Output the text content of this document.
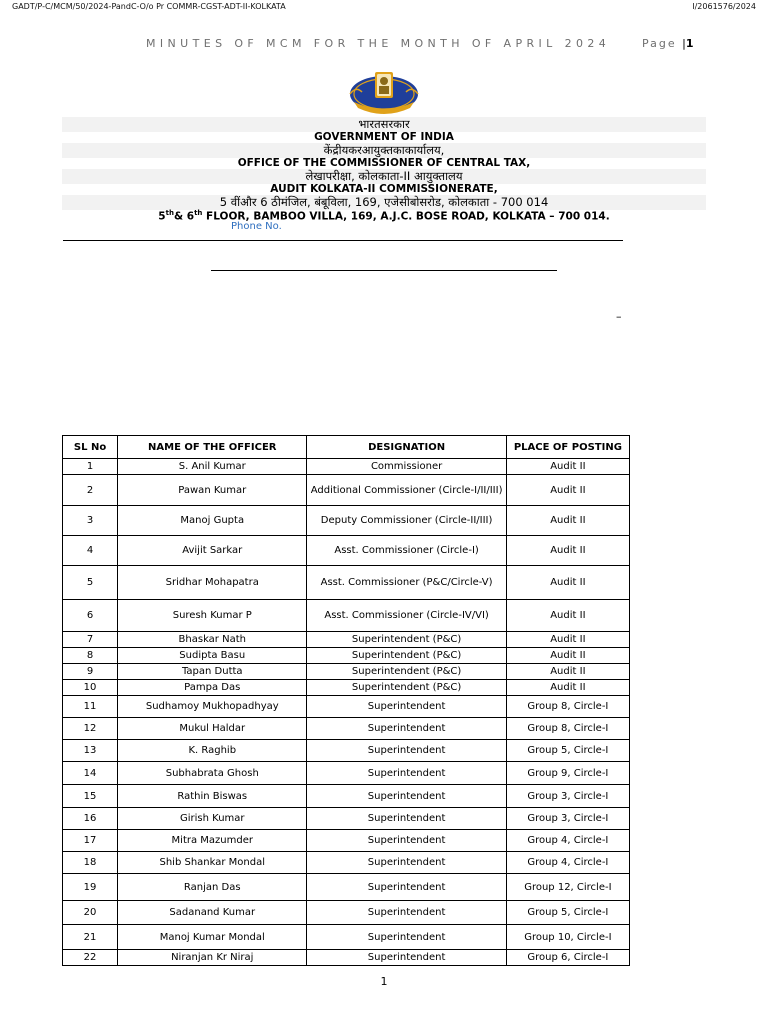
GADT/P-C/MCM/50/2024-PandC-O/o Pr COMMR-CGST-ADT-II-KOLKATA	I/2061576/2024
MINUTES OF MCM FOR THE MONTH OF APRIL 2024	Page |1
भारतसरकार
GOVERNMENT OF INDIA
केंद्रीयकरआयुक्तकाकार्यालय,
OFFICE OF THE COMMISSIONER OF CENTRAL TAX,
लेखापरीक्षा, कोलकाता-II आयुक्तालय
AUDIT KOLKATA-II COMMISSIONERATE,
5 वींऔर 6 ठीमंजिल, बंबूविला, 169, एजेसीबोसरोड, कोलकाता - 700 014
5th& 6th FLOOR, BAMBOO VILLA, 169, A.J.C. BOSE ROAD, KOLKATA – 700 014.
Phone No.
–
SL No	NAME OF THE OFFICER	DESIGNATION	PLACE OF POSTING
1	S. Anil Kumar	Commissioner	Audit II
2	Pawan Kumar	Additional Commissioner (Circle-I/II/III)	Audit II
3	Manoj Gupta	Deputy Commissioner (Circle-II/III)	Audit II
4	Avijit Sarkar	Asst. Commissioner (Circle-I)	Audit II
5	Sridhar Mohapatra	Asst. Commissioner (P&C/Circle-V)	Audit II
6	Suresh Kumar P	Asst. Commissioner (Circle-IV/VI)	Audit II
7	Bhaskar Nath	Superintendent (P&C)	Audit II
8	Sudipta Basu	Superintendent (P&C)	Audit II
9	Tapan Dutta	Superintendent (P&C)	Audit II
10	Pampa Das	Superintendent (P&C)	Audit II
11	Sudhamoy Mukhopadhyay	Superintendent	Group 8, Circle-I
12	Mukul Haldar	Superintendent	Group 8, Circle-I
13	K. Raghib	Superintendent	Group 5, Circle-I
14	Subhabrata Ghosh	Superintendent	Group 9, Circle-I
15	Rathin Biswas	Superintendent	Group 3, Circle-I
16	Girish Kumar	Superintendent	Group 3, Circle-I
17	Mitra Mazumder	Superintendent	Group 4, Circle-I
18	Shib Shankar Mondal	Superintendent	Group 4, Circle-I
19	Ranjan Das	Superintendent	Group 12, Circle-I
20	Sadanand Kumar	Superintendent	Group 5, Circle-I
21	Manoj Kumar Mondal	Superintendent	Group 10, Circle-I
22	Niranjan Kr Niraj	Superintendent	Group 6, Circle-I
1
